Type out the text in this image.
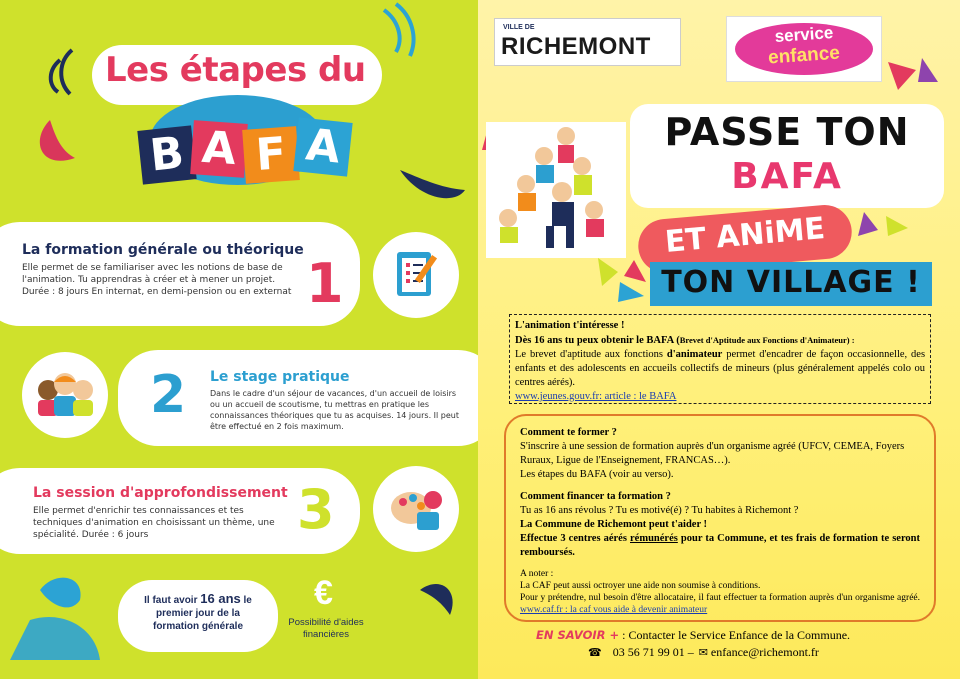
Les étapes du
B A F A
La formation générale ou théorique
Elle permet de se familiariser avec les notions de base de l'animation. Tu apprendras à créer et à mener un projet. Durée : 8 jours En internat, en demi-pension ou en externat 1
2 Le stage pratique
Dans le cadre d'un séjour de vacances, d'un accueil de loisirs ou un accueil de scoutisme, tu mettras en pratique les connaissances théoriques que tu as acquises. 14 jours. Il peut être effectué en 2 fois maximum.
La session d'approfondissement
Elle permet d'enrichir tes connaissances et tes techniques d'animation en choisissant un thème, une spécialité. Durée : 6 jours	3
Il faut avoir 16 ans le premier jour de la formation générale
€
Possibilité d'aides financières
VILLE DE
RICHEMONT	service
enfance
PASSE TON
BAFA
ET ANiME
TON VILLAGE !
L'animation t'intéresse !
Dès 16 ans tu peux obtenir le BAFA (Brevet d'Aptitude aux Fonctions d'Animateur) :
Le brevet d'aptitude aux fonctions d'animateur permet d'encadrer de façon occasionnelle, des enfants et des adolescents en accueils collectifs de mineurs (plus généralement appelés colo ou centres aérés).
www.jeunes.gouv.fr: article : le BAFA
Comment te former ?
S'inscrire à une session de formation auprès d'un organisme agréé (UFCV, CEMEA, Foyers Ruraux, Ligue de l'Enseignement, FRANCAS…).
Les étapes du BAFA (voir au verso).
Comment financer ta formation ?
Tu as 16 ans révolus ? Tu es motivé(é) ? Tu habites à Richemont ?
La Commune de Richemont peut t'aider !
Effectue 3 centres aérés rémunérés pour ta Commune, et tes frais de formation te seront remboursés.
A noter :
La CAF peut aussi octroyer une aide non soumise à conditions.
Pour y prétendre, nul besoin d'être allocataire, il faut effectuer ta formation auprès d'un organisme agréé. www.caf.fr : la caf vous aide à devenir animateur
EN SAVOIR + : Contacter le Service Enfance de la Commune.
☎ 03 56 71 99 01 – ✉ enfance@richemont.fr
